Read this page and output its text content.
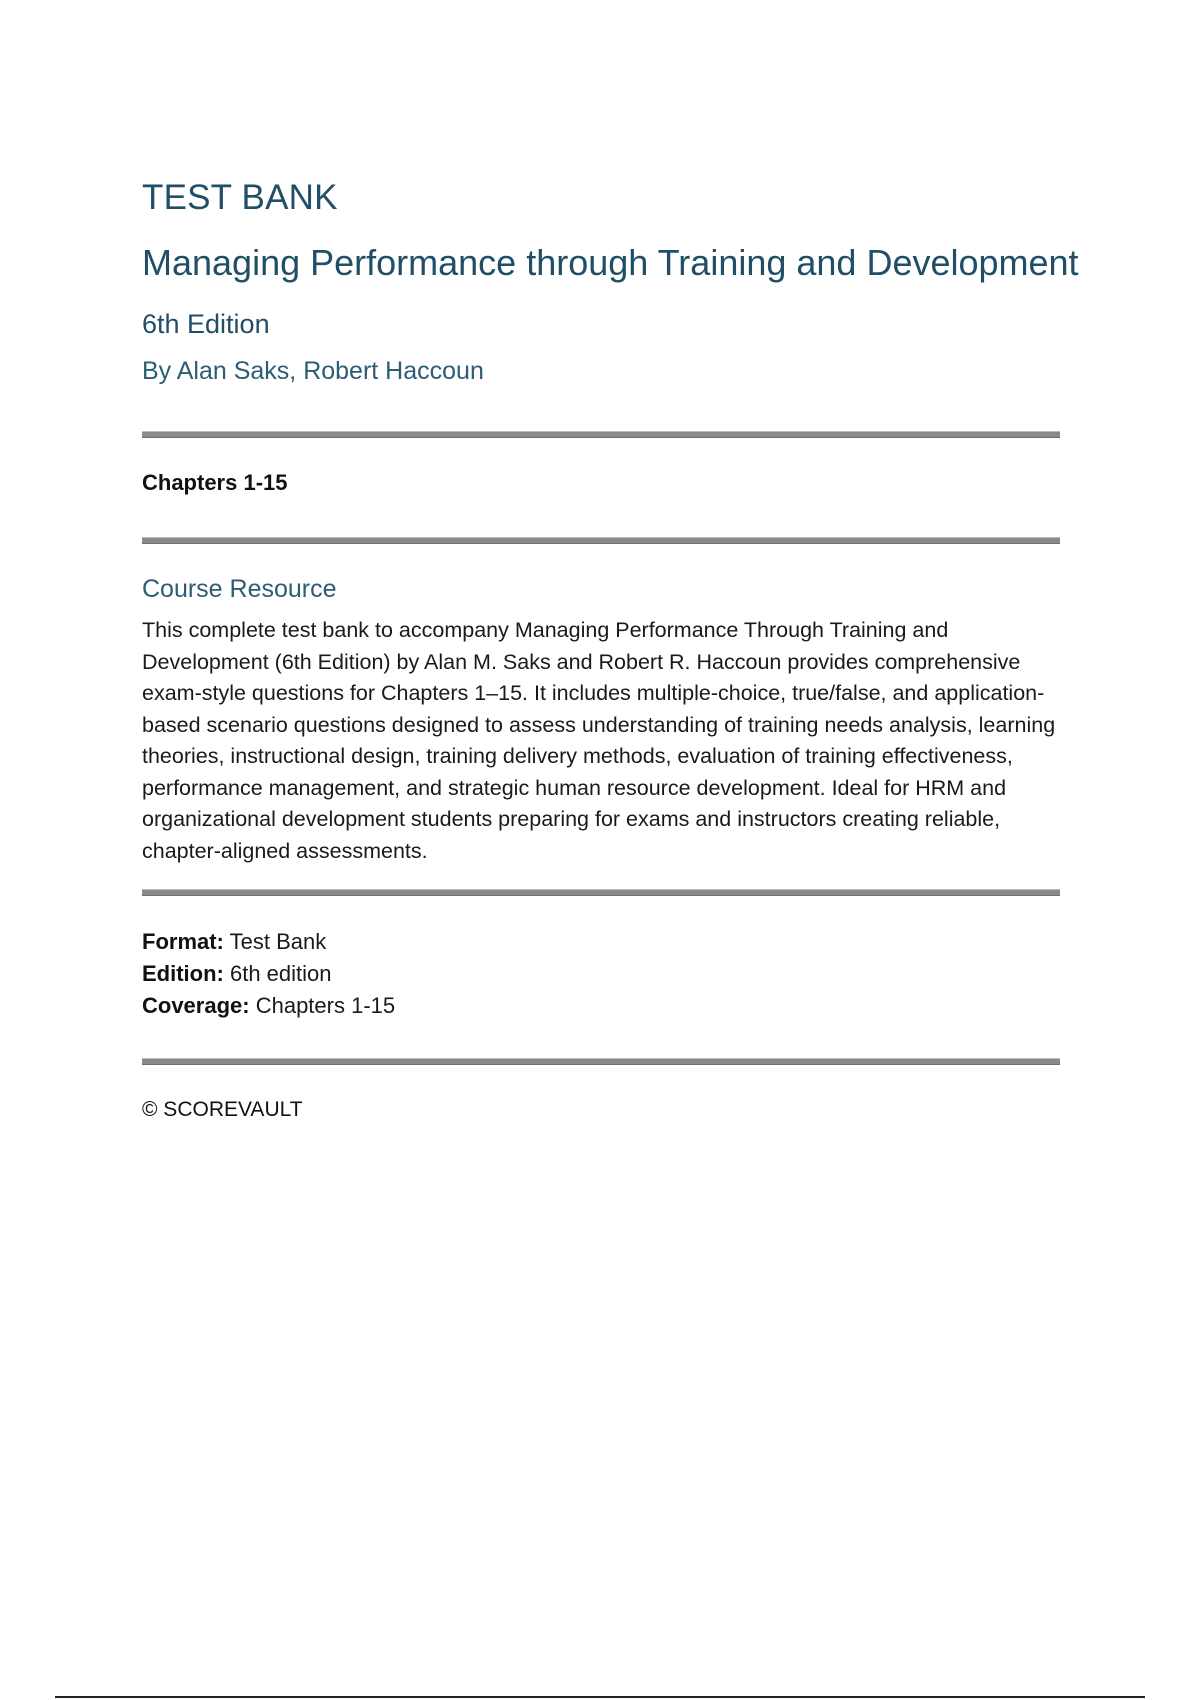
TEST BANK
Managing Performance through Training and Development
6th Edition
By Alan Saks, Robert Haccoun
Chapters 1-15
Course Resource
This complete test bank to accompany Managing Performance Through Training and Development (6th Edition) by Alan M. Saks and Robert R. Haccoun provides comprehensive exam-style questions for Chapters 1–15. It includes multiple-choice, true/false, and application-based scenario questions designed to assess understanding of training needs analysis, learning theories, instructional design, training delivery methods, evaluation of training effectiveness, performance management, and strategic human resource development. Ideal for HRM and organizational development students preparing for exams and instructors creating reliable, chapter-aligned assessments.
Format: Test Bank
Edition: 6th edition
Coverage: Chapters 1-15
© SCOREVAULT
